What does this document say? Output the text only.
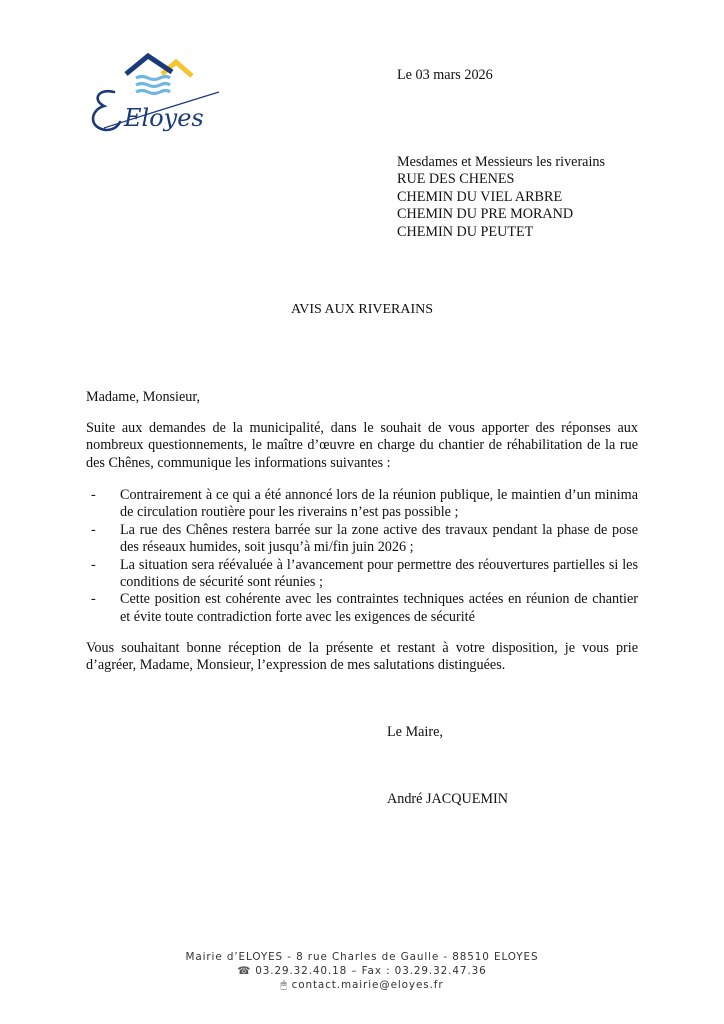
Eloyes
Le 03 mars 2026
Mesdames et Messieurs les riverains
RUE DES CHENES
CHEMIN DU VIEL ARBRE
CHEMIN DU PRE MORAND
CHEMIN DU PEUTET
AVIS AUX RIVERAINS
Madame, Monsieur,
Suite aux demandes de la municipalité, dans le souhait de vous apporter des réponses aux
nombreux questionnements, le maître d’œuvre en charge du chantier de réhabilitation de la rue
des Chênes, communique les informations suivantes :
- Contrairement à ce qui a été annoncé lors de la réunion publique, le maintien d’un minima
de circulation routière pour les riverains n’est pas possible ;
- La rue des Chênes restera barrée sur la zone active des travaux pendant la phase de pose
des réseaux humides, soit jusqu’à mi/fin juin 2026 ;
- La situation sera réévaluée à l’avancement pour permettre des réouvertures partielles si les
conditions de sécurité sont réunies ;
- Cette position est cohérente avec les contraintes techniques actées en réunion de chantier
et évite toute contradiction forte avec les exigences de sécurité
Vous souhaitant bonne réception de la présente et restant à votre disposition, je vous prie
d’agréer, Madame, Monsieur, l’expression de mes salutations distinguées.
Le Maire,
André JACQUEMIN
Mairie d’ELOYES - 8 rue Charles de Gaulle - 88510 ELOYES
☎ 03.29.32.40.18 – Fax : 03.29.32.47.36
🖱 contact.mairie@eloyes.fr
